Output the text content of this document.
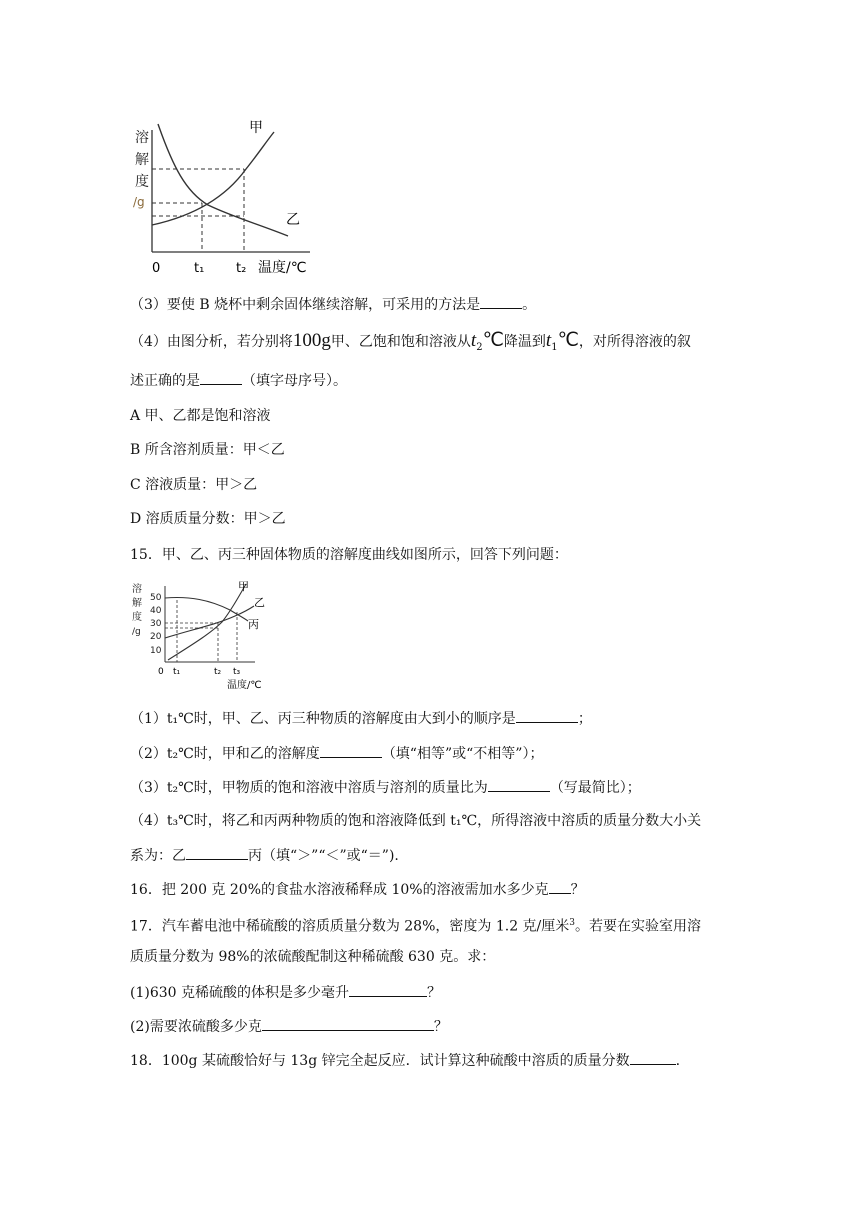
溶
解
度
/g
甲
乙
0	t₁ t₂ 温度/℃
（3）要使 B 烧杯中剩余固体继续溶解，可采用的方法是	。
（4）由图分析，若分别将100g甲、乙饱和饱和溶液从$t_2℃$降温到$t_1℃$，对所得溶液的叙
述正确的是	（填字母序号）。
A 甲、乙都是饱和溶液
B 所含溶剂质量：甲＜乙
C 溶液质量：甲＞乙
D 溶质质量分数：甲＞乙
15．甲、乙、丙三种固体物质的溶解度曲线如图所示，回答下列问题：
溶
解
度
/g
50
40
30
20
10
甲
乙
丙
0 t₁	t₂ t₃
温度/℃
（1）t₁℃时，甲、乙、丙三种物质的溶解度由大到小的顺序是	；
（2）t₂℃时，甲和乙的溶解度	（填“相等”或“不相等”）；
（3）t₂℃时，甲物质的饱和溶液中溶质与溶剂的质量比为	（写最简比）；
（4）t₃℃时，将乙和丙两种物质的饱和溶液降低到 t₁℃，所得溶液中溶质的质量分数大小关
系为：乙	丙（填“＞”“＜”或“＝”).
16．把 200 克 20%的食盐水溶液稀释成 10%的溶液需加水多少克 ？
17．汽车蓄电池中稀硫酸的溶质质量分数为 28%，密度为 1.2 克/厘米$^3$。若要在实验室用溶
质质量分数为 98%的浓硫酸配制这种稀硫酸 630 克。求：
(1)630 克稀硫酸的体积是多少毫升	？
(2)需要浓硫酸多少克	？
18．100g 某硫酸恰好与 13g 锌完全起反应．试计算这种硫酸中溶质的质量分数	.
